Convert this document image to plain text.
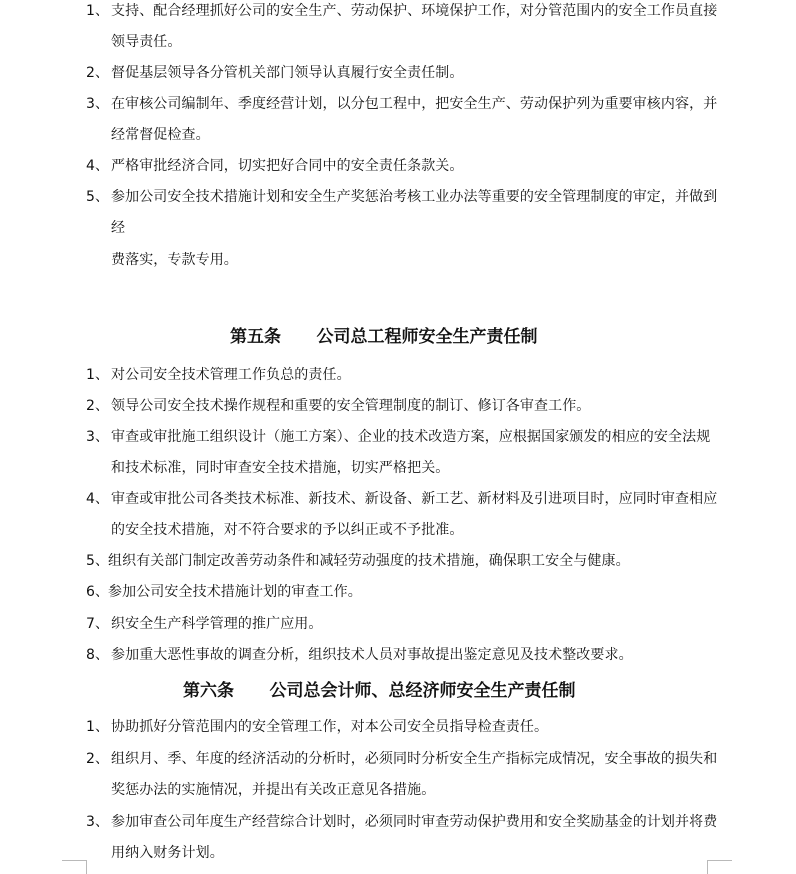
1、 支持、配合经理抓好公司的安全生产、劳动保护、环境保护工作，对分管范围内的安全工作员直接
领导责任。
2、 督促基层领导各分管机关部门领导认真履行安全责任制。
3、 在审核公司编制年、季度经营计划，以分包工程中，把安全生产、劳动保护列为重要审核内容，并
经常督促检查。
4、 严格审批经济合同，切实把好合同中的安全责任条款关。
5、 参加公司安全技术措施计划和安全生产奖惩治考核工业办法等重要的安全管理制度的审定，并做到
经
费落实，专款专用。
第五条      公司总工程师安全生产责任制
1、 对公司安全技术管理工作负总的责任。
2、 领导公司安全技术操作规程和重要的安全管理制度的制订、修订各审查工作。
3、 审查或审批施工组织设计（施工方案）、企业的技术改造方案，应根据国家颁发的相应的安全法规
和技术标准，同时审查安全技术措施，切实严格把关。
4、 审查或审批公司各类技术标准、新技术、新设备、新工艺、新材料及引进项目时，应同时审查相应
的安全技术措施，对不符合要求的予以纠正或不予批准。
5、
组织有关部门制定改善劳动条件和减轻劳动强度的技术措施，确保职工安全与健康。
6、
参加公司安全技术措施计划的审查工作。
7、 织安全生产科学管理的推广应用。
8、 参加重大恶性事故的调查分析，组织技术人员对事故提出鉴定意见及技术整改要求。
第六条      公司总会计师、总经济师安全生产责任制
1、 协助抓好分管范围内的安全管理工作，对本公司安全员指导检查责任。
2、 组织月、季、年度的经济活动的分析时，必须同时分析安全生产指标完成情况，安全事故的损失和
奖惩办法的实施情况，并提出有关改正意见各措施。
3、 参加审查公司年度生产经营综合计划时，必须同时审查劳动保护费用和安全奖励基金的计划并将费
用纳入财务计划。
